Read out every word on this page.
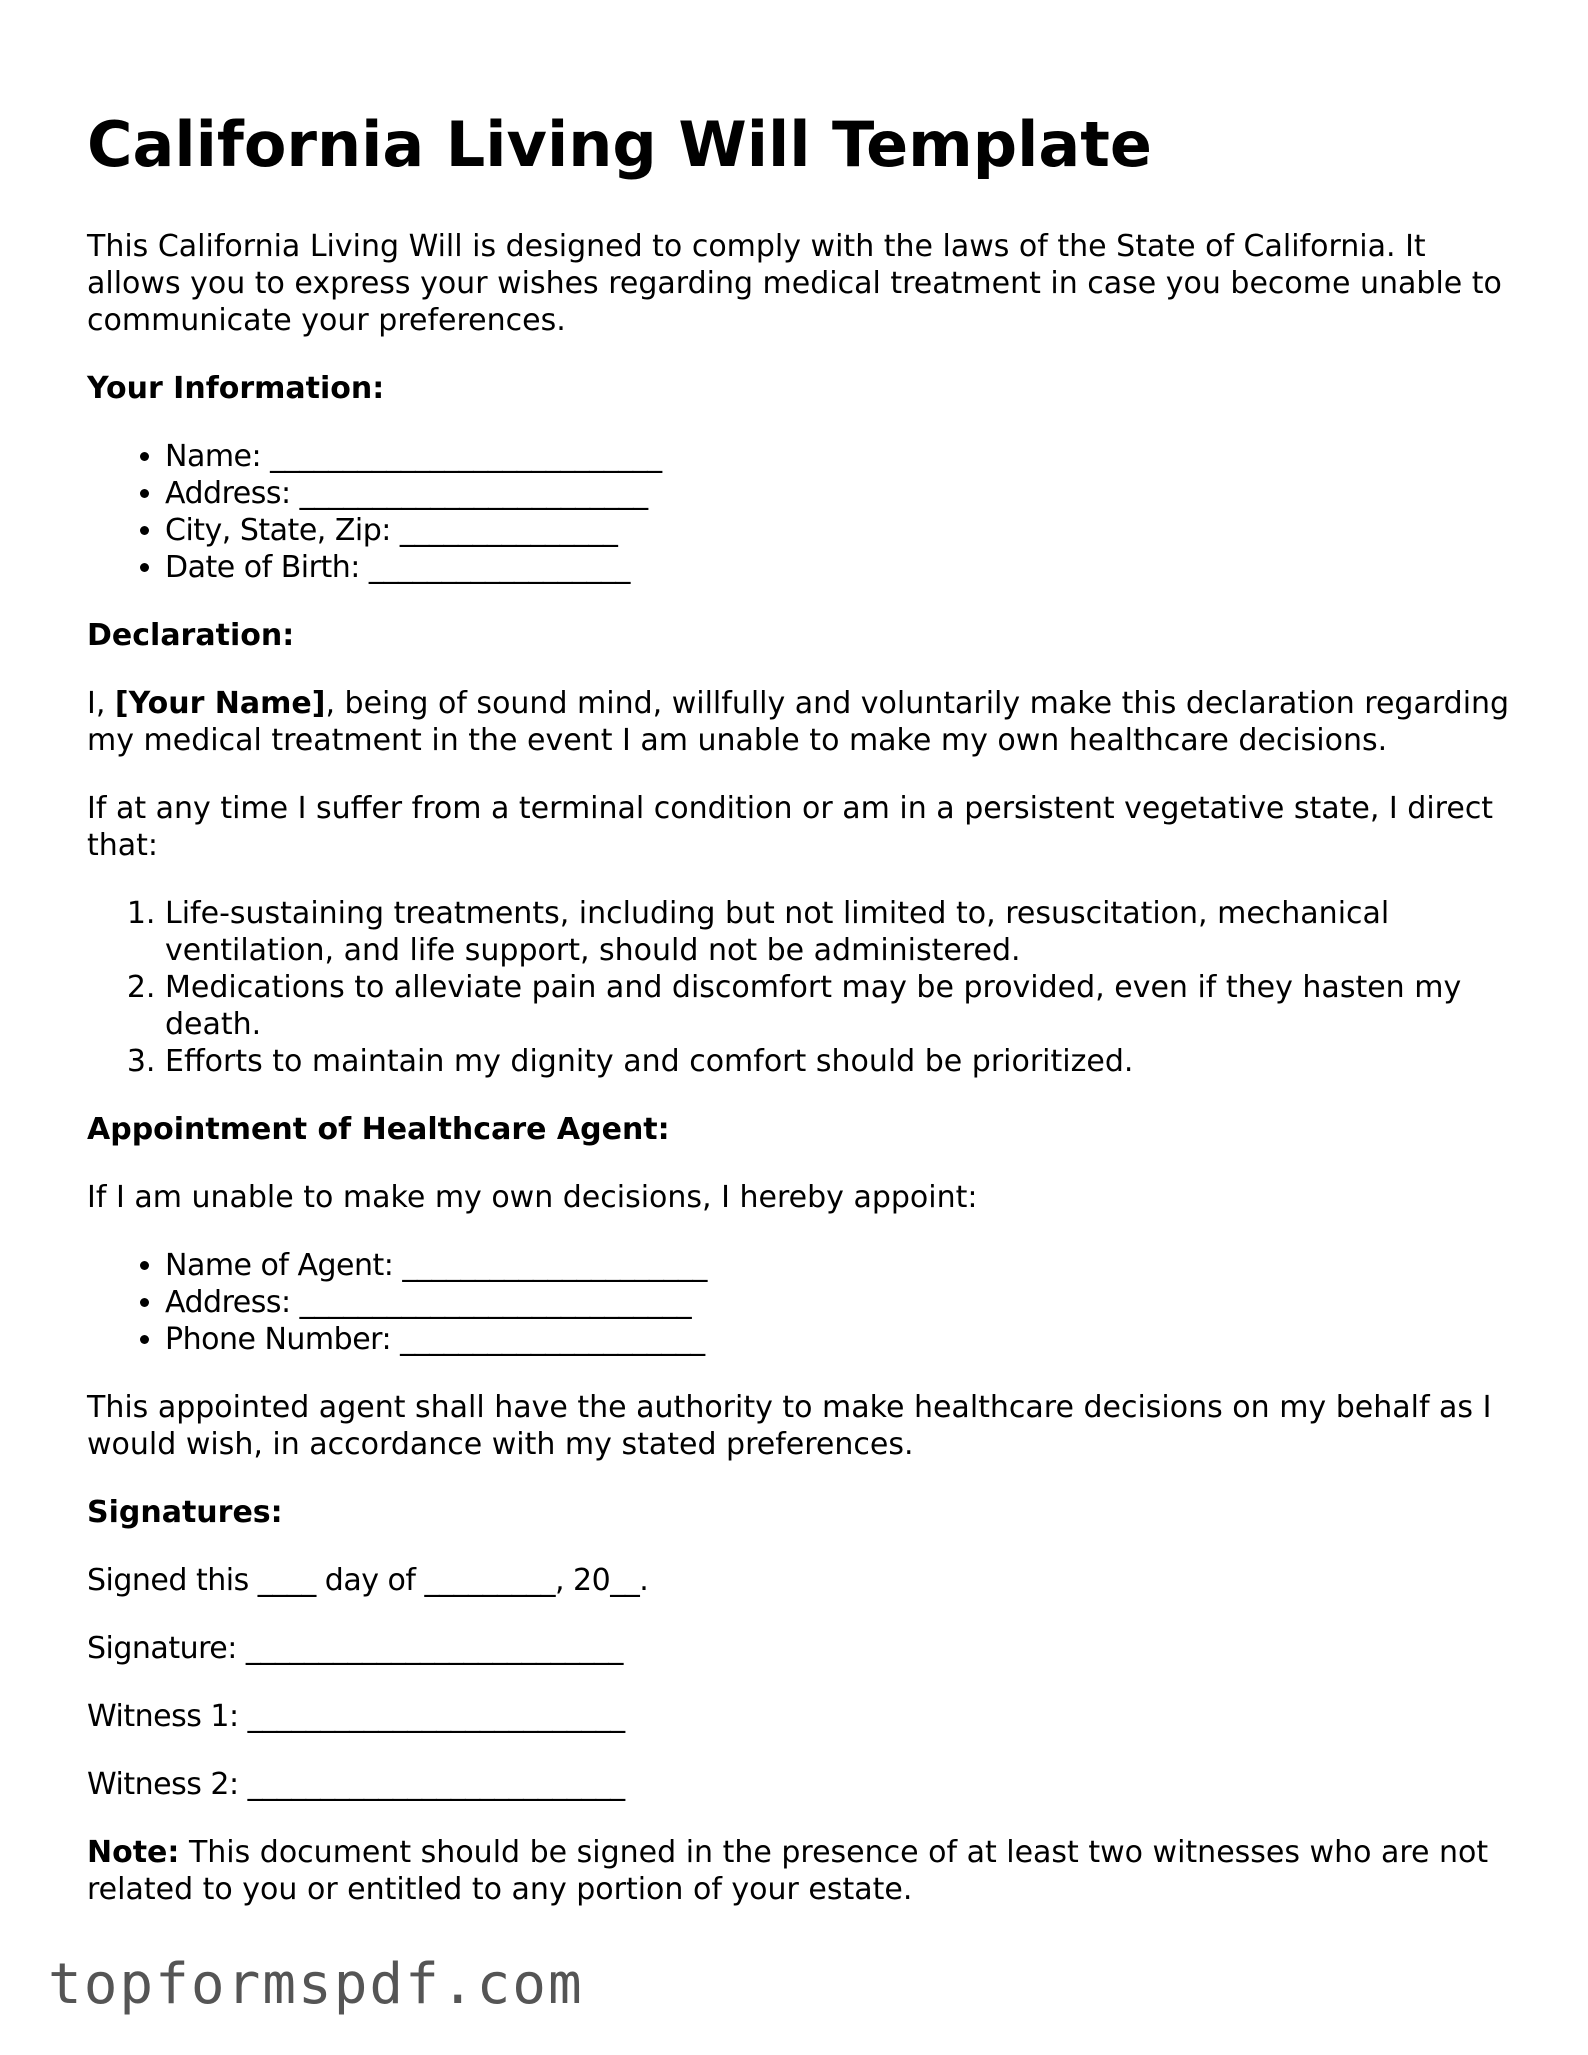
California Living Will Template

This California Living Will is designed to comply with the laws of the State of California. It allows you to express your wishes regarding medical treatment in case you become unable to communicate your preferences.

Your Information:

• Name: ___________________________
• Address: ________________________
• City, State, Zip: _______________
• Date of Birth: __________________

Declaration:

I, [Your Name], being of sound mind, willfully and voluntarily make this declaration regarding my medical treatment in the event I am unable to make my own healthcare decisions.

If at any time I suffer from a terminal condition or am in a persistent vegetative state, I direct that:

1. Life-sustaining treatments, including but not limited to, resuscitation, mechanical ventilation, and life support, should not be administered.
2. Medications to alleviate pain and discomfort may be provided, even if they hasten my death.
3. Efforts to maintain my dignity and comfort should be prioritized.

Appointment of Healthcare Agent:

If I am unable to make my own decisions, I hereby appoint:

• Name of Agent: _____________________
• Address: ___________________________
• Phone Number: _____________________

This appointed agent shall have the authority to make healthcare decisions on my behalf as I would wish, in accordance with my stated preferences.

Signatures:

Signed this ____ day of _________, 20__.

Signature: __________________________

Witness 1: __________________________

Witness 2: __________________________

Note: This document should be signed in the presence of at least two witnesses who are not related to you or entitled to any portion of your estate.

topformspdf.com
